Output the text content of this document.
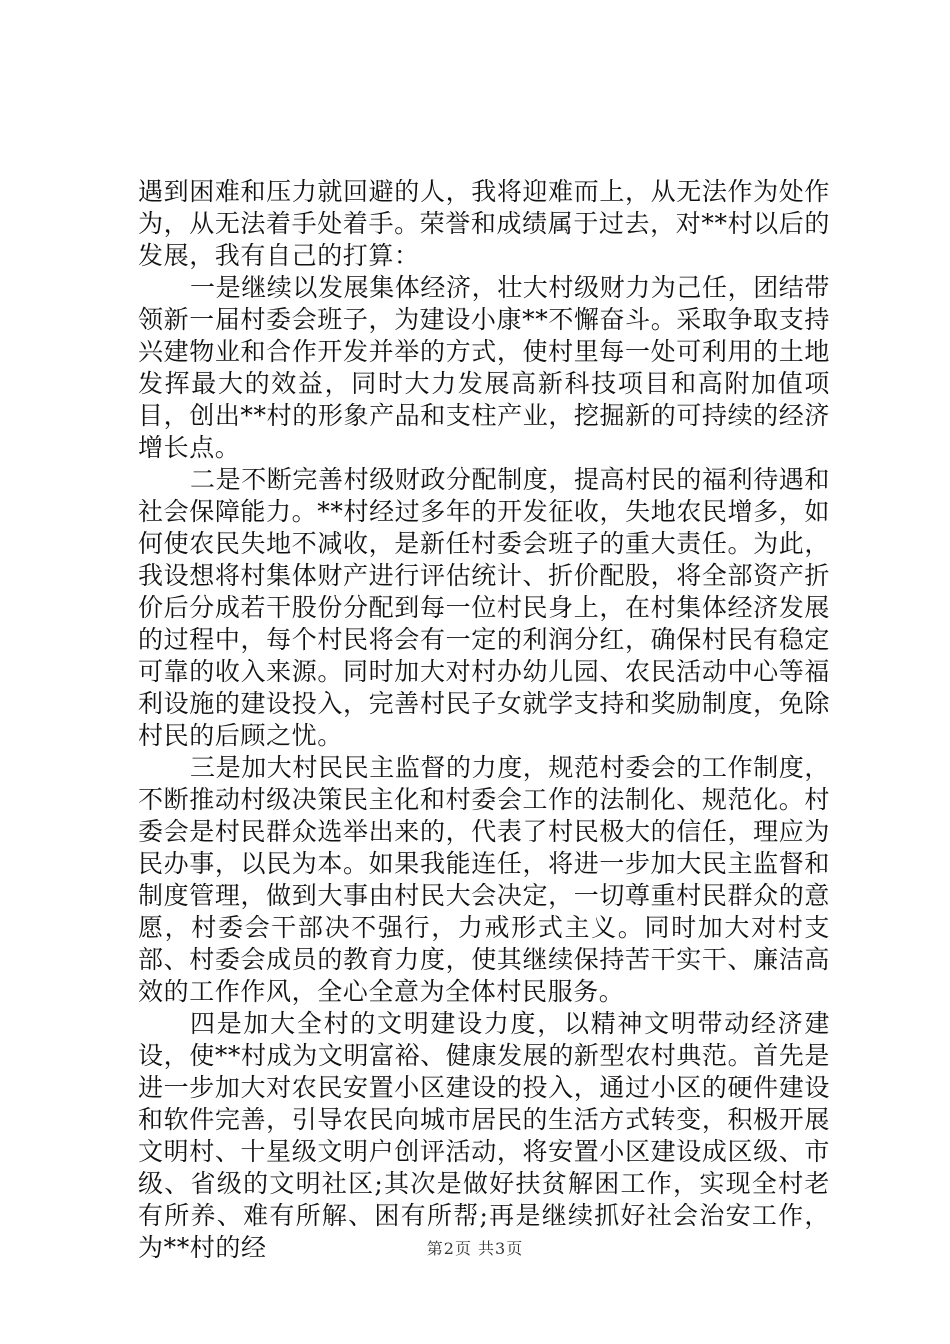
遇到困难和压力就回避的人，我将迎难而上，从无法作为处作为，从无法着手处着手。荣誉和成绩属于过去，对**村以后的发展，我有自己的打算：

一是继续以发展集体经济，壮大村级财力为己任，团结带领新一届村委会班子，为建设小康**不懈奋斗。采取争取支持兴建物业和合作开发并举的方式，使村里每一处可利用的土地发挥最大的效益，同时大力发展高新科技项目和高附加值项目，创出**村的形象产品和支柱产业，挖掘新的可持续的经济增长点。

二是不断完善村级财政分配制度，提高村民的福利待遇和社会保障能力。**村经过多年的开发征收，失地农民增多，如何使农民失地不减收，是新任村委会班子的重大责任。为此，我设想将村集体财产进行评估统计、折价配股，将全部资产折价后分成若干股份分配到每一位村民身上，在村集体经济发展的过程中，每个村民将会有一定的利润分红，确保村民有稳定可靠的收入来源。同时加大对村办幼儿园、农民活动中心等福利设施的建设投入，完善村民子女就学支持和奖励制度，免除村民的后顾之忧。

三是加大村民民主监督的力度，规范村委会的工作制度，不断推动村级决策民主化和村委会工作的法制化、规范化。村委会是村民群众选举出来的，代表了村民极大的信任，理应为民办事，以民为本。如果我能连任，将进一步加大民主监督和制度管理，做到大事由村民大会决定，一切尊重村民群众的意愿，村委会干部决不强行，力戒形式主义。同时加大对村支部、村委会成员的教育力度，使其继续保持苦干实干、廉洁高效的工作作风，全心全意为全体村民服务。

四是加大全村的文明建设力度，以精神文明带动经济建设，使**村成为文明富裕、健康发展的新型农村典范。首先是进一步加大对农民安置小区建设的投入，通过小区的硬件建设和软件完善，引导农民向城市居民的生活方式转变，积极开展文明村、十星级文明户创评活动，将安置小区建设成区级、市级、省级的文明社区;其次是做好扶贫解困工作，实现全村老有所养、难有所解、困有所帮;再是继续抓好社会治安工作，为**村的经	第2页 共3页
